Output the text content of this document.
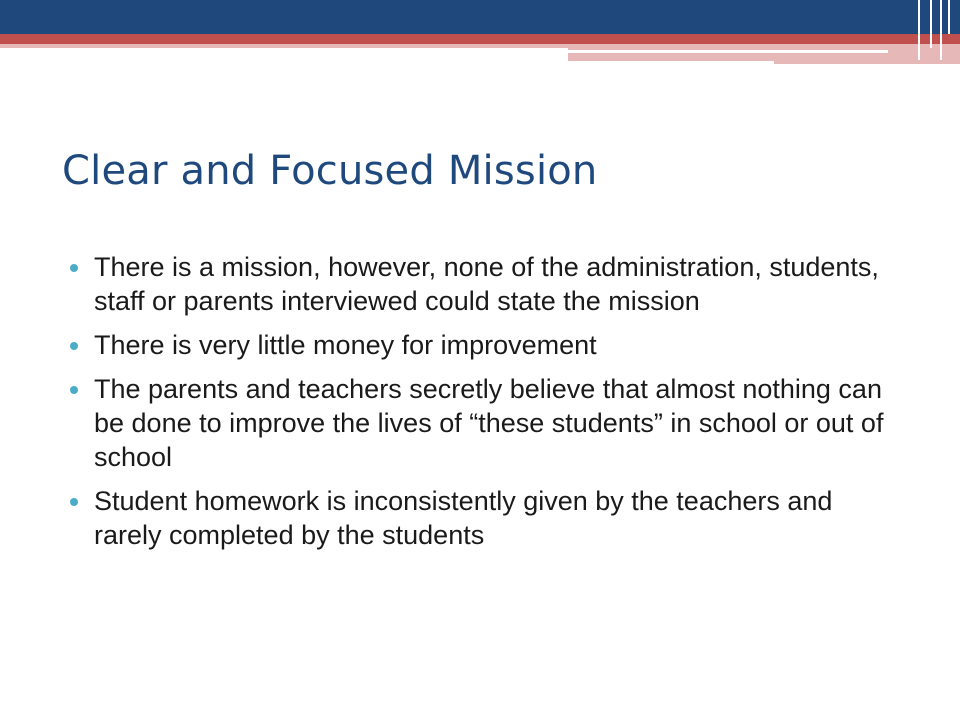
Clear and Focused Mission
There is a mission, however, none of the administration, students, staff or parents interviewed could state the mission
There is very little money for improvement
The parents and teachers secretly believe that almost nothing can be done to improve the lives of “these students” in school or out of school
Student homework is inconsistently given by the teachers and rarely completed by the students
